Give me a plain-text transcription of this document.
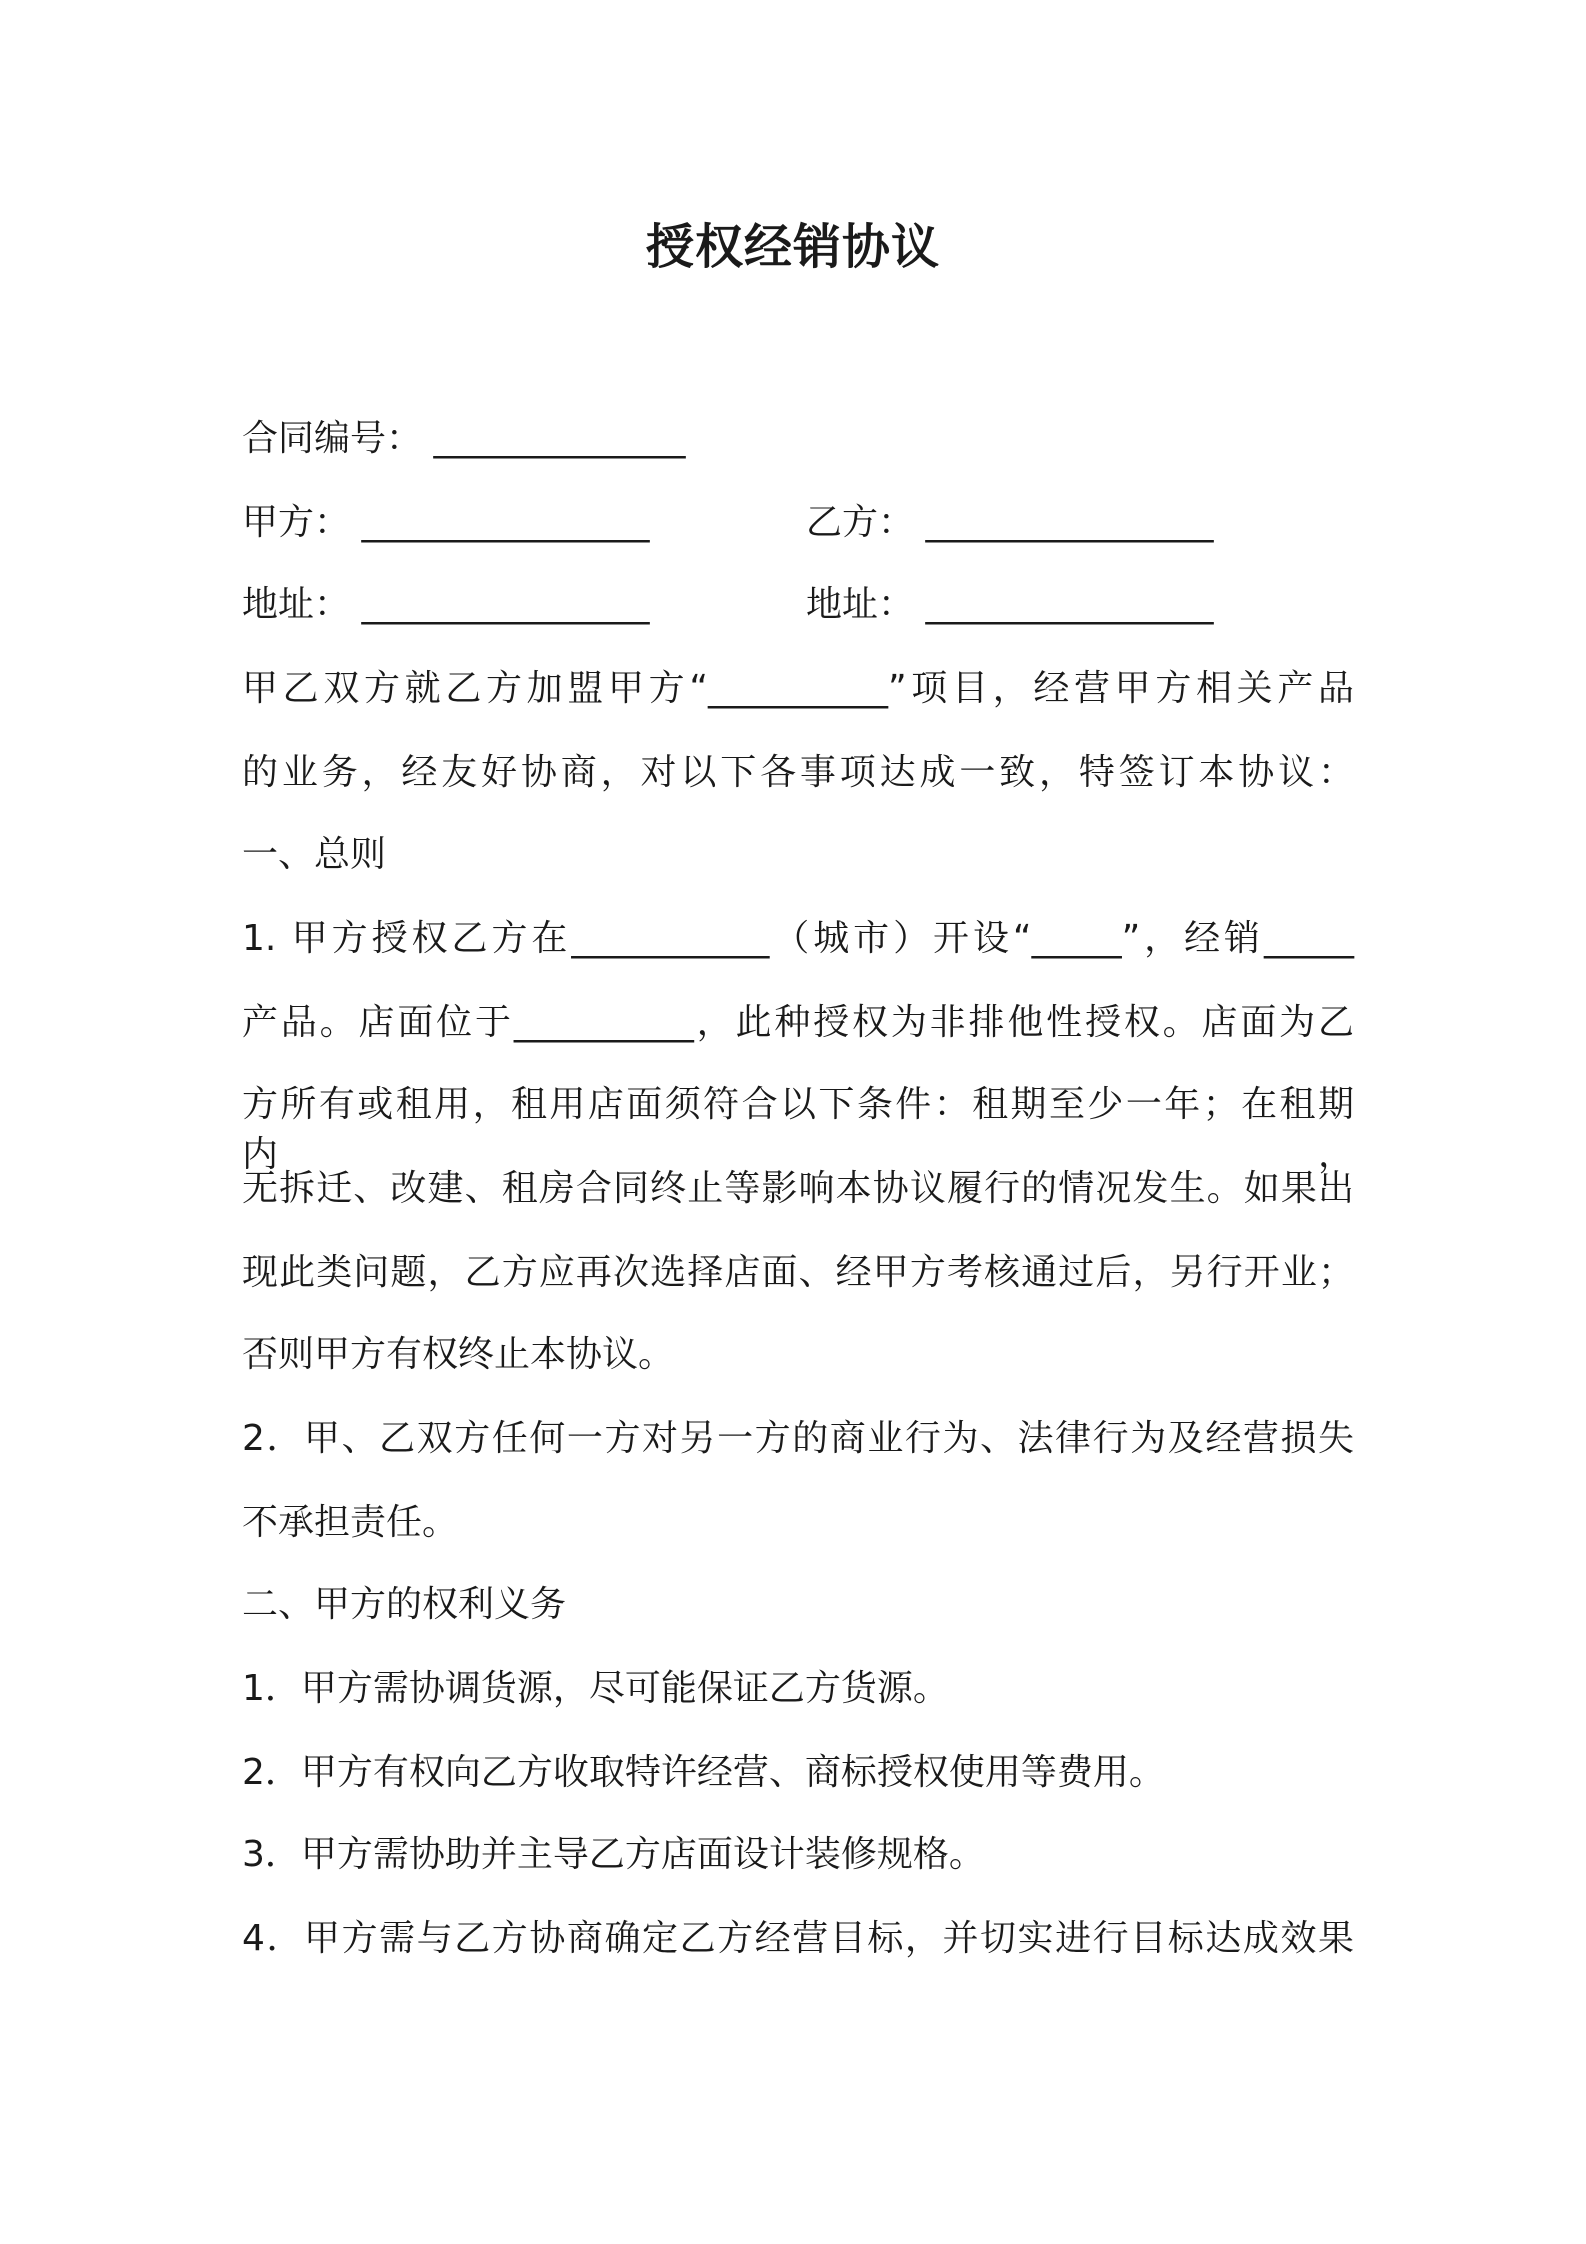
授权经销协议
合同编号： ______________
甲方： ________________	乙方： ________________
地址： ________________	地址： ________________
甲乙双方就乙方加盟甲方“__________”项目，经营甲方相关产品
的业务，经友好协商，对以下各事项达成一致，特签订本协议：
一、总则
1. 甲方授权乙方在___________（城市）开设“_____”，经销_____
产品。店面位于__________，此种授权为非排他性授权。店面为乙
方所有或租用，租用店面须符合以下条件：租期至少一年；在租期内，
无拆迁、改建、租房合同终止等影响本协议履行的情况发生。如果出
现此类问题，乙方应再次选择店面、经甲方考核通过后，另行开业；
否则甲方有权终止本协议。
2．甲、乙双方任何一方对另一方的商业行为、法律行为及经营损失
不承担责任。
二、甲方的权利义务
1．甲方需协调货源，尽可能保证乙方货源。
2．甲方有权向乙方收取特许经营、商标授权使用等费用。
3．甲方需协助并主导乙方店面设计装修规格。
4．甲方需与乙方协商确定乙方经营目标，并切实进行目标达成效果
